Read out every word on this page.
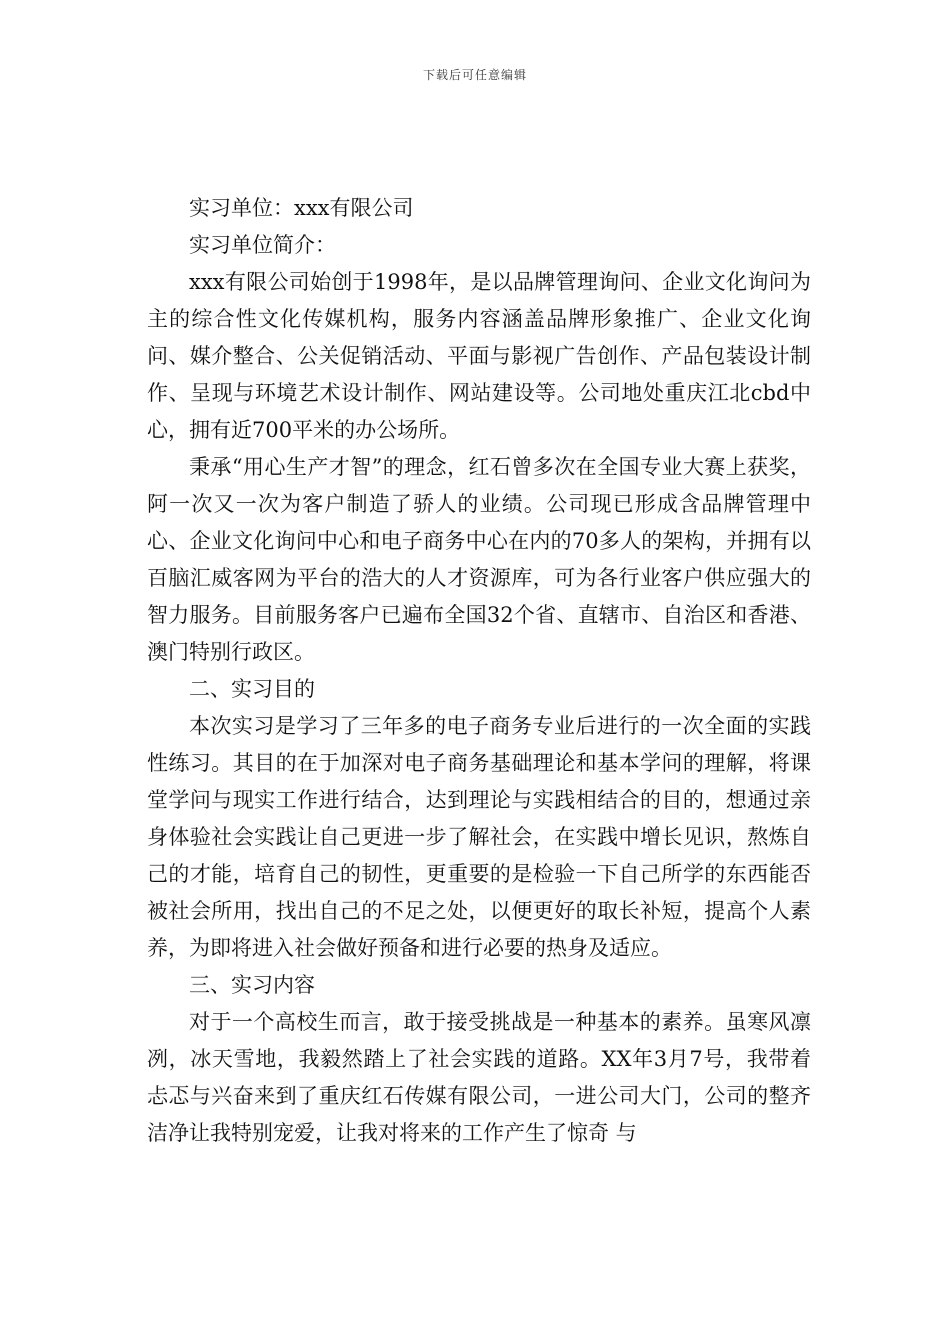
下载后可任意编辑

实习单位：xxx有限公司

实习单位简介：

xxx有限公司始创于1998年，是以品牌管理询问、企业文化询问为主的综合性文化传媒机构，服务内容涵盖品牌形象推广、企业文化询问、媒介整合、公关促销活动、平面与影视广告创作、产品包装设计制作、呈现与环境艺术设计制作、网站建设等。公司地处重庆江北cbd中心，拥有近700平米的办公场所。

秉承“用心生产才智”的理念，红石曾多次在全国专业大赛上获奖，阿一次又一次为客户制造了骄人的业绩。公司现已形成含品牌管理中心、企业文化询问中心和电子商务中心在内的70多人的架构，并拥有以百脑汇威客网为平台的浩大的人才资源库，可为各行业客户供应强大的智力服务。目前服务客户已遍布全国32个省、直辖市、自治区和香港、澳门特别行政区。

二、实习目的

本次实习是学习了三年多的电子商务专业后进行的一次全面的实践性练习。其目的在于加深对电子商务基础理论和基本学问的理解，将课堂学问与现实工作进行结合，达到理论与实践相结合的目的，想通过亲身体验社会实践让自己更进一步了解社会，在实践中增长见识，熬炼自己的才能，培育自己的韧性，更重要的是检验一下自己所学的东西能否被社会所用，找出自己的不足之处，以便更好的取长补短，提高个人素养，为即将进入社会做好预备和进行必要的热身及适应。

三、实习内容

对于一个高校生而言，敢于接受挑战是一种基本的素养。虽寒风凛冽，冰天雪地，我毅然踏上了社会实践的道路。XX年3月7号，我带着忐忑与兴奋来到了重庆红石传媒有限公司，一进公司大门，公司的整齐洁净让我特别宠爱，让我对将来的工作产生了惊奇 与
